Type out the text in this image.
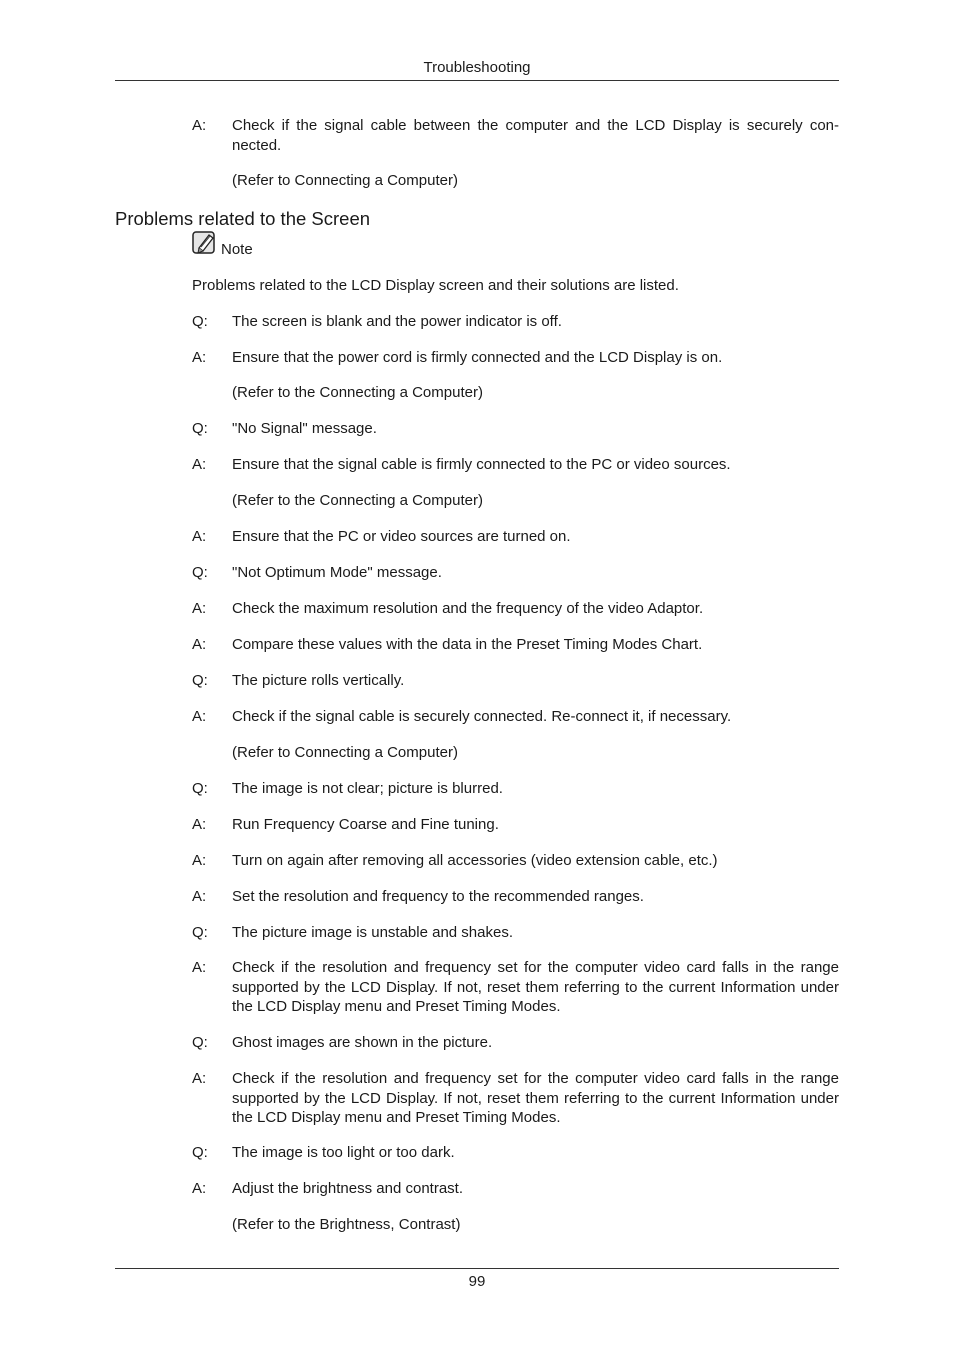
Troubleshooting
A:	Check if the signal cable between the computer and the LCD Display is securely con-nected.
(Refer to Connecting a Computer)
Problems related to the Screen
Note
Problems related to the LCD Display screen and their solutions are listed.
Q:	The screen is blank and the power indicator is off.
A:	Ensure that the power cord is firmly connected and the LCD Display is on.
(Refer to the Connecting a Computer)
Q:	"No Signal" message.
A:	Ensure that the signal cable is firmly connected to the PC or video sources.
(Refer to the Connecting a Computer)
A:	Ensure that the PC or video sources are turned on.
Q:	"Not Optimum Mode" message.
A:	Check the maximum resolution and the frequency of the video Adaptor.
A:	Compare these values with the data in the Preset Timing Modes Chart.
Q:	The picture rolls vertically.
A:	Check if the signal cable is securely connected. Re-connect it, if necessary.
(Refer to Connecting a Computer)
Q:	The image is not clear; picture is blurred.
A:	Run Frequency Coarse and Fine tuning.
A:	Turn on again after removing all accessories (video extension cable, etc.)
A:	Set the resolution and frequency to the recommended ranges.
Q:	The picture image is unstable and shakes.
A:	Check if the resolution and frequency set for the computer video card falls in the range supported by the LCD Display. If not, reset them referring to the current Information under the LCD Display menu and Preset Timing Modes.
Q:	Ghost images are shown in the picture.
A:	Check if the resolution and frequency set for the computer video card falls in the range supported by the LCD Display. If not, reset them referring to the current Information under the LCD Display menu and Preset Timing Modes.
Q:	The image is too light or too dark.
A:	Adjust the brightness and contrast.
(Refer to the Brightness, Contrast)
99
